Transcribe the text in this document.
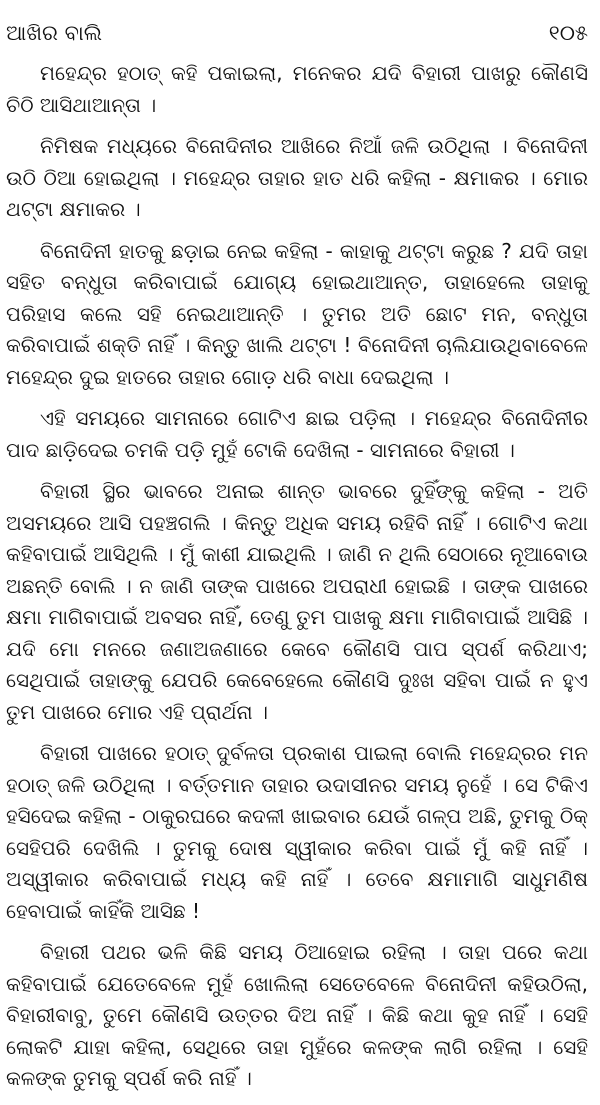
ଆଖିର ବାଲି	୧୦୫

ମହେନ୍ଦ୍ର ହଠାତ୍ କହି ପକାଇଲା, ମନେକର ଯଦି ବିହାରୀ ପାଖରୁ କୌଣସି ଚିଠି ଆସିଥାଆନ୍ତା ।

ନିମିଷକ ମଧ୍ୟରେ ବିନୋଦିନୀର ଆଖିରେ ନିଆଁ ଜଳି ଉଠିଥିଲା । ବିନୋଦିନୀ ଉଠି ଠିଆ ହୋଇଥିଲା । ମହେନ୍ଦ୍ର ତାହାର ହାତ ଧରି କହିଲା - କ୍ଷମାକର । ମୋର ଥଟ୍ଟା କ୍ଷମାକର ।

ବିନୋଦିନୀ ହାତକୁ ଛଡ଼ାଇ ନେଇ କହିଲା - କାହାକୁ ଥଟ୍ଟା କରୁଛ ? ଯଦି ତାହା ସହିତ ବନ୍ଧୁତା କରିବାପାଇଁ ଯୋଗ୍ୟ ହୋଇଥାଆନ୍ତ, ତାହାହେଲେ ତାହାକୁ ପରିହାସ କଲେ ସହି ନେଇଥାଆନ୍ତି । ତୁମର ଅତି ଛୋଟ ମନ, ବନ୍ଧୁତା କରିବାପାଇଁ ଶକ୍ତି ନାହିଁ । କିନ୍ତୁ ଖାଲି ଥଟ୍ଟା ! ବିନୋଦିନୀ ଚାଲିଯାଉଥିବାବେଳେ ମହେନ୍ଦ୍ର ଦୁଇ ହାତରେ ତାହାର ଗୋଡ଼ ଧରି ବାଧା ଦେଇଥିଲା ।

ଏହି ସମୟରେ ସାମନାରେ ଗୋଟିଏ ଛାଇ ପଡ଼ିଲା । ମହେନ୍ଦ୍ର ବିନୋଦିନୀର ପାଦ ଛାଡ଼ିଦେଇ ଚମକି ପଡ଼ି ମୁହଁ ଟୋକି ଦେଖିଲା - ସାମନାରେ ବିହାରୀ ।

ବିହାରୀ ସ୍ଥିର ଭାବରେ ଅନାଇ ଶାନ୍ତ ଭାବରେ ଦୁହିଁଙ୍କୁ କହିଲା - ଅତି ଅସମୟରେ ଆସି ପହଞ୍ଚଗଲି । କିନ୍ତୁ ଅଧିକ ସମୟ ରହିବି ନାହିଁ । ଗୋଟିଏ କଥା କହିବାପାଇଁ ଆସିଥିଲି । ମୁଁ କାଶୀ ଯାଇଥିଲି । ଜାଣି ନ ଥିଲି ସେଠାରେ ନୂଆବୋଉ ଅଛନ୍ତି ବୋଲି । ନ ଜାଣି ତାଙ୍କ ପାଖରେ ଅପରାଧୀ ହୋଇଛି । ତାଙ୍କ ପାଖରେ କ୍ଷମା ମାଗିବାପାଇଁ ଅବସର ନାହିଁ, ତେଣୁ ତୁମ ପାଖକୁ କ୍ଷମା ମାଗିବାପାଇଁ ଆସିଛି । ଯଦି ମୋ ମନରେ ଜଣାଅଜଣାରେ କେବେ କୌଣସି ପାପ ସ୍ପର୍ଶ କରିଥାଏ; ସେଥିପାଇଁ ତାହାଙ୍କୁ ଯେପରି କେବେହେଲେ କୌଣସି ଦୁଃଖ ସହିବା ପାଇଁ ନ ହୁଏ ତୁମ ପାଖରେ ମୋର ଏହି ପ୍ରାର୍ଥନା ।

ବିହାରୀ ପାଖରେ ହଠାତ୍ ଦୁର୍ବଳତା ପ୍ରକାଶ ପାଇଲା ବୋଲି ମହେନ୍ଦ୍ରର ମନ ହଠାତ୍ ଜଳି ଉଠିଥିଲା । ବର୍ତ୍ତମାନ ତାହାର ଉଦାସୀନର ସମୟ ନୁହେଁ । ସେ ଟିକିଏ ହସିଦେଇ କହିଲା - ଠାକୁରଘରେ କଦଳୀ ଖାଇବାର ଯେଉଁ ଗଳ୍ପ ଅଛି, ତୁମକୁ ଠିକ୍ ସେହିପରି ଦେଖିଲି । ତୁମକୁ ଦୋଷ ସ୍ୱୀକାର କରିବା ପାଇଁ ମୁଁ କହି ନାହିଁ । ଅସ୍ୱୀକାର କରିବାପାଇଁ ମଧ୍ୟ କହି ନାହିଁ । ତେବେ କ୍ଷମାମାଗି ସାଧୁମଣିଷ ହେବାପାଇଁ କାହିଁକି ଆସିଛ !

ବିହାରୀ ପଥର ଭଳି କିଛି ସମୟ ଠିଆହୋଇ ରହିଲା । ତାହା ପରେ କଥା କହିବାପାଇଁ ଯେତେବେଳେ ମୁହଁ ଖୋଲିଲା ସେତେବେଳେ ବିନୋଦିନୀ କହିଉଠିଲା, ବିହାରୀବାବୁ, ତୁମେ କୌଣସି ଉତ୍ତର ଦିଅ ନାହିଁ । କିଛି କଥା କୁହ ନାହିଁ । ସେହି ଲୋକଟି ଯାହା କହିଲା, ସେଥିରେ ତାହା ମୁହଁରେ କଳଙ୍କ ଲାଗି ରହିଲା । ସେହି କଳଙ୍କ ତୁମକୁ ସ୍ପର୍ଶ କରି ନାହିଁ ।
